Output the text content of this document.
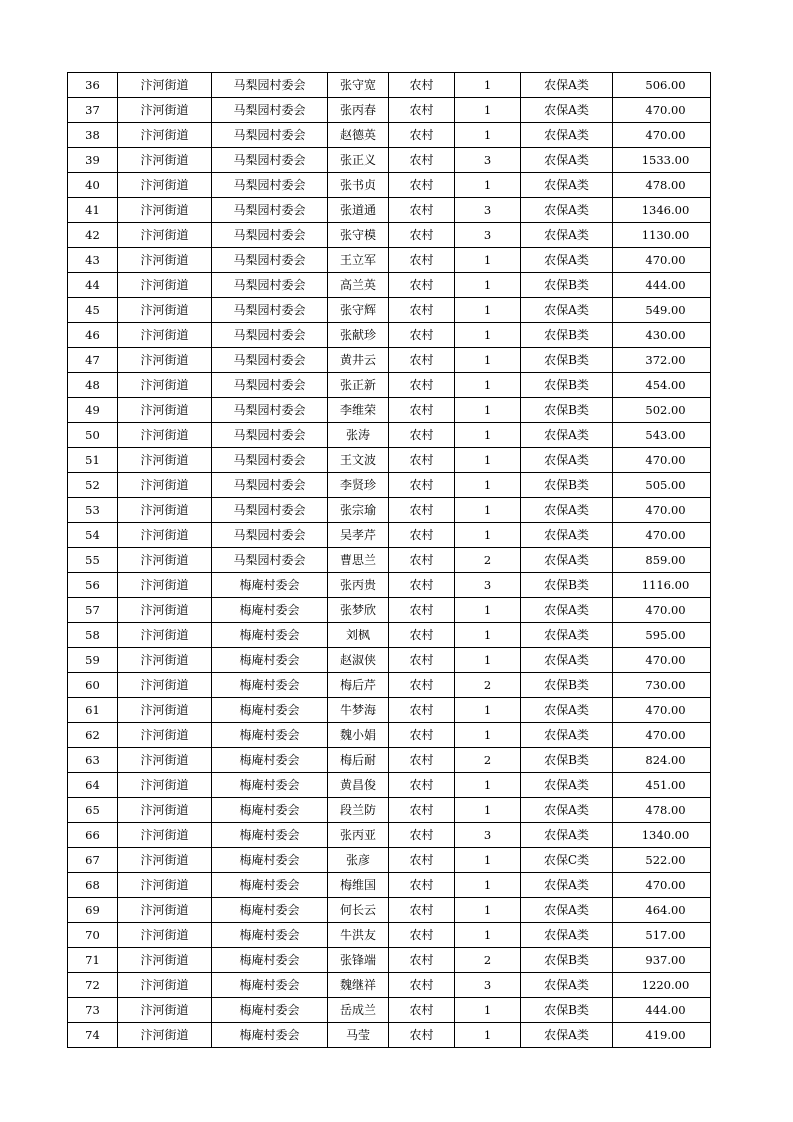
36	汴河街道	马梨园村委会	张守宽	农村	1	农保A类	506.00
37	汴河街道	马梨园村委会	张丙春	农村	1	农保A类	470.00
38	汴河街道	马梨园村委会	赵德英	农村	1	农保A类	470.00
39	汴河街道	马梨园村委会	张正义	农村	3	农保A类	1533.00
40	汴河街道	马梨园村委会	张书贞	农村	1	农保A类	478.00
41	汴河街道	马梨园村委会	张道通	农村	3	农保A类	1346.00
42	汴河街道	马梨园村委会	张守模	农村	3	农保A类	1130.00
43	汴河街道	马梨园村委会	王立军	农村	1	农保A类	470.00
44	汴河街道	马梨园村委会	高兰英	农村	1	农保B类	444.00
45	汴河街道	马梨园村委会	张守辉	农村	1	农保A类	549.00
46	汴河街道	马梨园村委会	张献珍	农村	1	农保B类	430.00
47	汴河街道	马梨园村委会	黄井云	农村	1	农保B类	372.00
48	汴河街道	马梨园村委会	张正新	农村	1	农保B类	454.00
49	汴河街道	马梨园村委会	李维荣	农村	1	农保B类	502.00
50	汴河街道	马梨园村委会	张涛	农村	1	农保A类	543.00
51	汴河街道	马梨园村委会	王文波	农村	1	农保A类	470.00
52	汴河街道	马梨园村委会	李贤珍	农村	1	农保B类	505.00
53	汴河街道	马梨园村委会	张宗瑜	农村	1	农保A类	470.00
54	汴河街道	马梨园村委会	吴孝芹	农村	1	农保A类	470.00
55	汴河街道	马梨园村委会	曹思兰	农村	2	农保A类	859.00
56	汴河街道	梅庵村委会	张丙贵	农村	3	农保B类	1116.00
57	汴河街道	梅庵村委会	张梦欣	农村	1	农保A类	470.00
58	汴河街道	梅庵村委会	刘枫	农村	1	农保A类	595.00
59	汴河街道	梅庵村委会	赵淑侠	农村	1	农保A类	470.00
60	汴河街道	梅庵村委会	梅后芹	农村	2	农保B类	730.00
61	汴河街道	梅庵村委会	牛梦海	农村	1	农保A类	470.00
62	汴河街道	梅庵村委会	魏小娟	农村	1	农保A类	470.00
63	汴河街道	梅庵村委会	梅后耐	农村	2	农保B类	824.00
64	汴河街道	梅庵村委会	黄昌俊	农村	1	农保A类	451.00
65	汴河街道	梅庵村委会	段兰防	农村	1	农保A类	478.00
66	汴河街道	梅庵村委会	张丙亚	农村	3	农保A类	1340.00
67	汴河街道	梅庵村委会	张彦	农村	1	农保C类	522.00
68	汴河街道	梅庵村委会	梅维国	农村	1	农保A类	470.00
69	汴河街道	梅庵村委会	何长云	农村	1	农保A类	464.00
70	汴河街道	梅庵村委会	牛洪友	农村	1	农保A类	517.00
71	汴河街道	梅庵村委会	张锋端	农村	2	农保B类	937.00
72	汴河街道	梅庵村委会	魏继祥	农村	3	农保A类	1220.00
73	汴河街道	梅庵村委会	岳成兰	农村	1	农保B类	444.00
74	汴河街道	梅庵村委会	马莹	农村	1	农保A类	419.00
